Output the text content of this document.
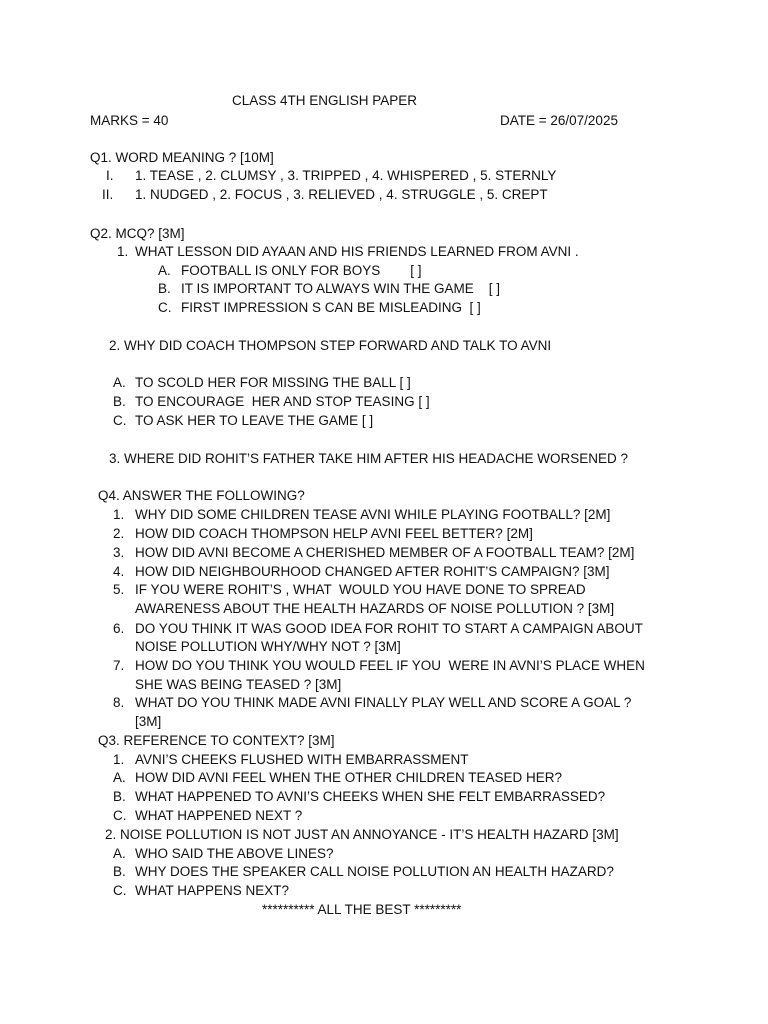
CLASS 4TH ENGLISH PAPER
MARKS = 40	DATE = 26/07/2025
Q1. WORD MEANING ? [10M]
I. 1. TEASE , 2. CLUMSY , 3. TRIPPED , 4. WHISPERED , 5. STERNLY
II. 1. NUDGED , 2. FOCUS , 3. RELIEVED , 4. STRUGGLE , 5. CREPT
Q2. MCQ? [3M]
1. WHAT LESSON DID AYAAN AND HIS FRIENDS LEARNED FROM AVNI .
A. FOOTBALL IS ONLY FOR BOYS        [ ]
B. IT IS IMPORTANT TO ALWAYS WIN THE GAME    [ ]
C. FIRST IMPRESSION S CAN BE MISLEADING  [ ]
2. WHY DID COACH THOMPSON STEP FORWARD AND TALK TO AVNI
A. TO SCOLD HER FOR MISSING THE BALL [ ]
B. TO ENCOURAGE  HER AND STOP TEASING [ ]
C. TO ASK HER TO LEAVE THE GAME [ ]
3. WHERE DID ROHIT’S FATHER TAKE HIM AFTER HIS HEADACHE WORSENED ?
Q4. ANSWER THE FOLLOWING?
1. WHY DID SOME CHILDREN TEASE AVNI WHILE PLAYING FOOTBALL? [2M]
2. HOW DID COACH THOMPSON HELP AVNI FEEL BETTER? [2M]
3. HOW DID AVNI BECOME A CHERISHED MEMBER OF A FOOTBALL TEAM? [2M]
4. HOW DID NEIGHBOURHOOD CHANGED AFTER ROHIT’S CAMPAIGN? [3M]
5. IF YOU WERE ROHIT’S , WHAT  WOULD YOU HAVE DONE TO SPREAD
AWARENESS ABOUT THE HEALTH HAZARDS OF NOISE POLLUTION ? [3M]
6. DO YOU THINK IT WAS GOOD IDEA FOR ROHIT TO START A CAMPAIGN ABOUT
NOISE POLLUTION WHY/WHY NOT ? [3M]
7. HOW DO YOU THINK YOU WOULD FEEL IF YOU  WERE IN AVNI’S PLACE WHEN
SHE WAS BEING TEASED ? [3M]
8. WHAT DO YOU THINK MADE AVNI FINALLY PLAY WELL AND SCORE A GOAL ?
[3M]
Q3. REFERENCE TO CONTEXT? [3M]
1. AVNI’S CHEEKS FLUSHED WITH EMBARRASSMENT
A. HOW DID AVNI FEEL WHEN THE OTHER CHILDREN TEASED HER?
B. WHAT HAPPENED TO AVNI’S CHEEKS WHEN SHE FELT EMBARRASSED?
C. WHAT HAPPENED NEXT ?
2. NOISE POLLUTION IS NOT JUST AN ANNOYANCE - IT’S HEALTH HAZARD [3M]
A. WHO SAID THE ABOVE LINES?
B. WHY DOES THE SPEAKER CALL NOISE POLLUTION AN HEALTH HAZARD?
C. WHAT HAPPENS NEXT?
********** ALL THE BEST *********
